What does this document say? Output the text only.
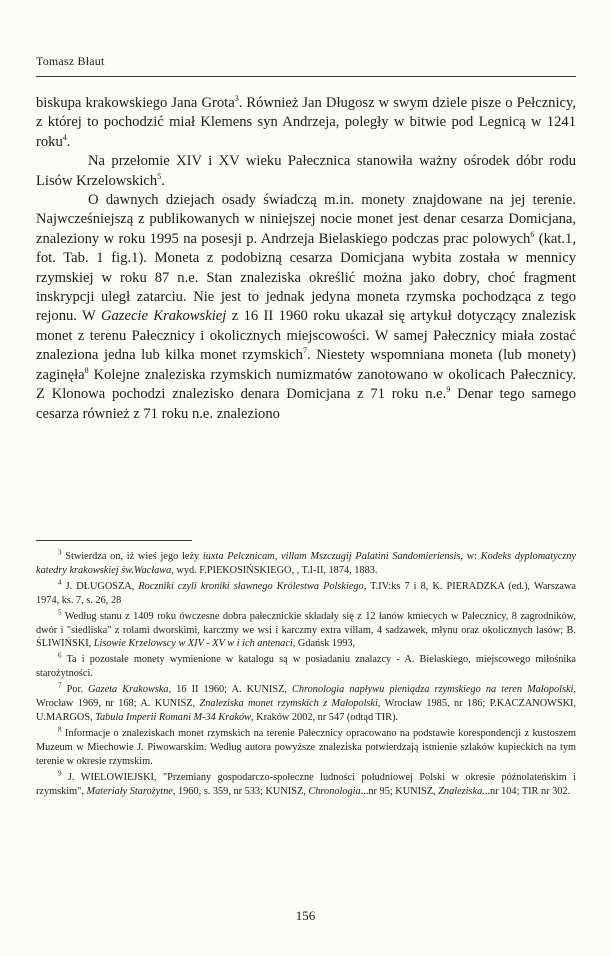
Tomasz Błaut

biskupa krakowskiego Jana Grota$^3$. Również Jan Długosz w swym dziele pisze o Pełcznicy, z której to pochodzić miał Klemens syn Andrzeja, poległy w bitwie pod Legnicą w 1241 roku$^4$.

Na przełomie XIV i XV wieku Pałecznica stanowiła ważny ośrodek dóbr rodu Lisów Krzelowskich$^5$.

O dawnych dziejach osady świadczą m.in. monety znajdowane na jej terenie. Najwcześniejszą z publikowanych w niniejszej nocie monet jest denar cesarza Domicjana, znaleziony w roku 1995 na posesji p. Andrzeja Bielaskiego podczas prac polowych$^6$ (kat.1, fot. Tab. 1 fig.1). Moneta z podobizną cesarza Domicjana wybita została w mennicy rzymskiej w roku 87 n.e. Stan znaleziska określić można jako dobry, choć fragment inskrypcji uległ zatarciu. Nie jest to jednak jedyna moneta rzymska pochodząca z tego rejonu. W Gazecie Krakowskiej z 16 II 1960 roku ukazał się artykuł dotyczący znalezisk monet z terenu Pałecznicy i okolicznych miejscowości. W samej Pałecznicy miała zostać znaleziona jedna lub kilka monet rzymskich$^7$. Niestety wspomniana moneta (lub monety) zaginęła$^8$ Kolejne znaleziska rzymskich numizmatów zanotowano w okolicach Pałecznicy. Z Klonowa pochodzi znalezisko denara Domicjana z 71 roku n.e.$^9$ Denar tego samego cesarza również z 71 roku n.e. znaleziono

$^3$ Stwierdza on, iż wieś jego leży iuxta Pelcznicam, villam Mszczugij Palatini Sandomieriensis, w: Kodeks dyplomatyczny katedry krakowskiej św.Wacława, wyd. F.PIEKOSIŃSKIEGO, , T.I-II, 1874, 1883.

$^4$ J. DŁUGOSZA, Roczniki czyli kroniki sławnego Królestwa Polskiego, T.IV:ks 7 i 8, K. PIERADZKA (ed.), Warszawa 1974, ks. 7, s. 26, 28

$^5$ Według stanu z 1409 roku ówczesne dobra pałecznickie składały się z 12 łanów kmiecych w Pałecznicy, 8 zagrodników, dwór i "siedliska" z rolami dworskimi, karczmy we wsi i karczmy extra villam, 4 sadzawek, młynu oraz okolicznych lasów; B. ŚLIWIŃSKI, Lisowie Krzelowscy w XIV - XV w i ich antenaci, Gdańsk 1993,

$^6$ Ta i pozostałe monety wymienione w katalogu są w posiadaniu znalazcy - A. Bielaskiego, miejscowego miłośnika starożytności.

$^7$ Por. Gazeta Krakowska, 16 II 1960; A. KUNISZ, Chronologia napływu pieniądza rzymskiego na teren Małopolski, Wrocław 1969, nr 168; A. KUNISZ, Znaleziska monet rzymskich z Małopolski, Wrocław 1985, nr 186; P.KACZANOWSKI, U.MARGOS, Tabula Imperii Romani M-34 Kraków, Kraków 2002, nr 547 (odtąd TIR).

$^8$ Informacje o znaleziskach monet rzymskich na terenie Pałecznicy opracowano na podstawie korespondencji z kustoszem Muzeum w Miechowie J. Piwowarskim. Według autora powyższe znaleziska potwierdzają istnienie szlaków kupieckich na tym terenie w okresie rzymskim.

$^9$ J. WIELOWIEJSKI, "Przemiany gospodarczo-społeczne ludności południowej Polski w okresie późnolateńskim i rzymskim", Materiały Starożytne, 1960, s. 359, nr 533; KUNISZ, Chronologia...nr 95; KUNISZ, Znaleziska...nr 104; TIR nr 302.

156
